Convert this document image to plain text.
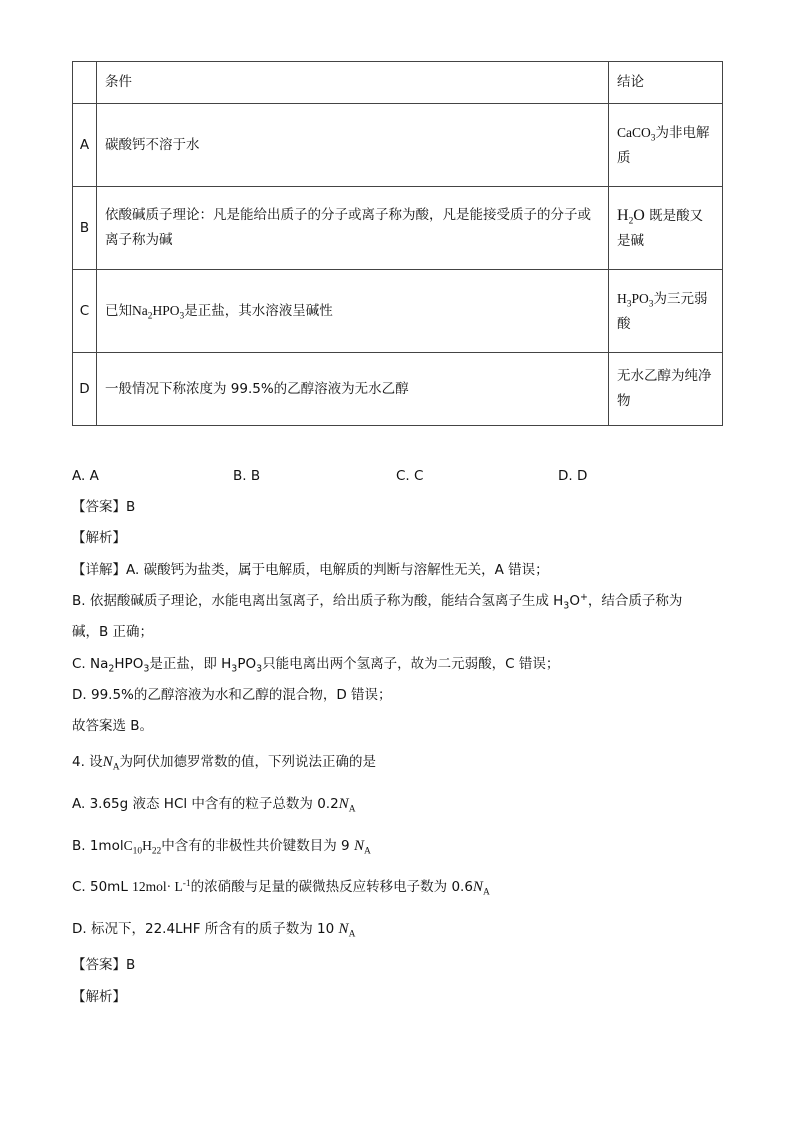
	条件	结论
A	碳酸钙不溶于水	CaCO$_3$为非电解质
B	依酸碱质子理论：凡是能给出质子的分子或离子称为酸，凡是能接受质子的分子或离子称为碱	$H_2O$ 既是酸又是碱
C	已知$Na_2HPO_3$是正盐，其水溶液呈碱性	$H_3PO_3$为三元弱酸
D	一般情况下称浓度为 99.5%的乙醇溶液为无水乙醇	无水乙醇为纯净物
A. A	B. B	C. C	D. D
【答案】B
【解析】
【详解】A. 碳酸钙为盐类，属于电解质，电解质的判断与溶解性无关，A 错误；
B. 依据酸碱质子理论，水能电离出氢离子，给出质子称为酸，能结合氢离子生成 $H_3O^+$，结合质子称为
碱，B 正确；
C. $Na_2HPO_3$是正盐，即 $H_3PO_3$只能电离出两个氢离子，故为二元弱酸，C 错误；
D. 99.5%的乙醇溶液为水和乙醇的混合物，D 错误；
故答案选 B。
4. 设$N_A$为阿伏加德罗常数的值，下列说法正确的是
A. 3.65g 液态 HCl 中含有的粒子总数为 $0.2N_A$
B. $1molC_{10}H_{22}$中含有的非极性共价键数目为 9 $N_A$
C. 50mL $12mol\cdot L^{-1}$的浓硝酸与足量的碳微热反应转移电子数为 $0.6N_A$
D. 标况下，22.4LHF 所含有的质子数为 10 $N_A$
【答案】B
【解析】
